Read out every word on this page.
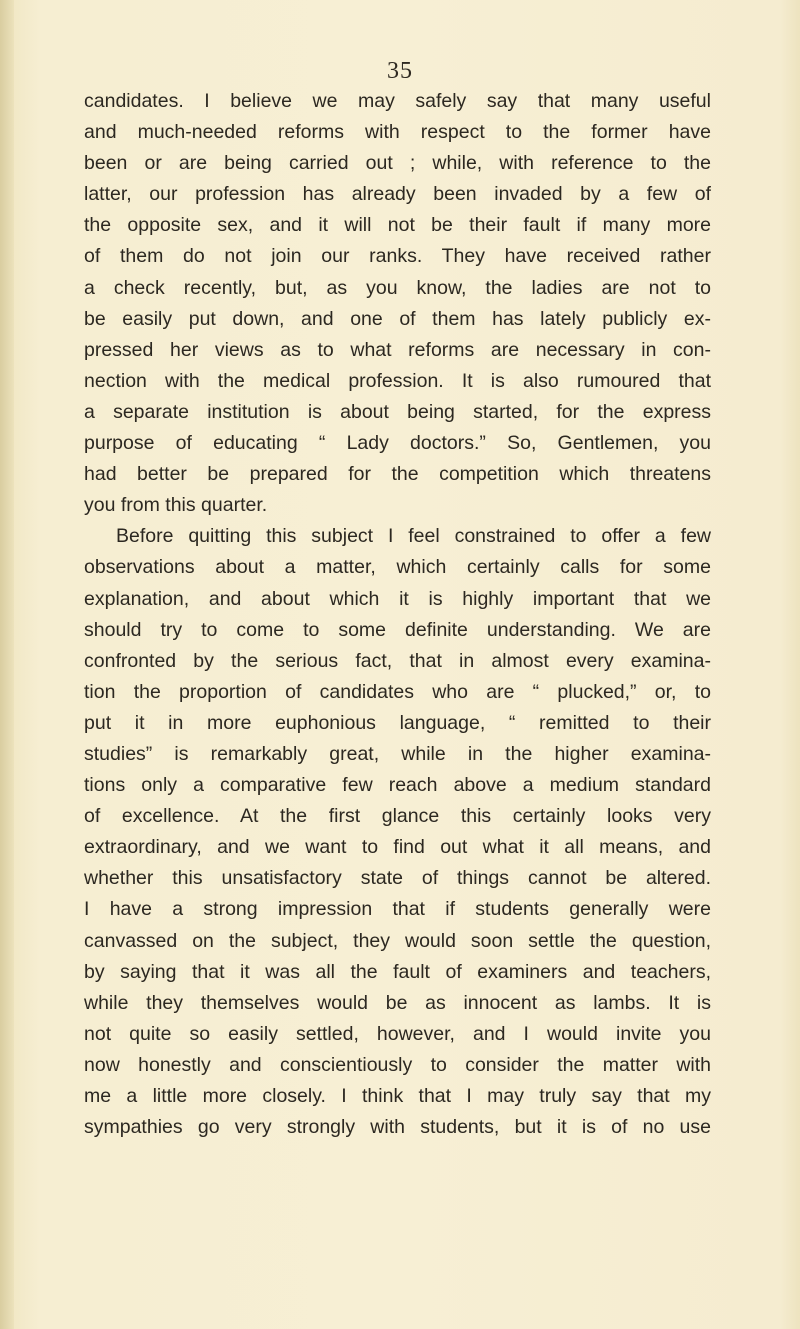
35
candidates. I believe we may safely say that many useful
and much-needed reforms with respect to the former have
been or are being carried out ; while, with reference to the
latter, our profession has already been invaded by a few of
the opposite sex, and it will not be their fault if many more
of them do not join our ranks. They have received rather
a check recently, but, as you know, the ladies are not to
be easily put down, and one of them has lately publicly ex-
pressed her views as to what reforms are necessary in con-
nection with the medical profession. It is also rumoured that
a separate institution is about being started, for the express
purpose of educating “ Lady doctors.” So, Gentlemen, you
had better be prepared for the competition which threatens
you from this quarter.
Before quitting this subject I feel constrained to offer a few
observations about a matter, which certainly calls for some
explanation, and about which it is highly important that we
should try to come to some definite understanding. We are
confronted by the serious fact, that in almost every examina-
tion the proportion of candidates who are “ plucked,” or, to
put it in more euphonious language, “ remitted to their
studies” is remarkably great, while in the higher examina-
tions only a comparative few reach above a medium standard
of excellence. At the first glance this certainly looks very
extraordinary, and we want to find out what it all means, and
whether this unsatisfactory state of things cannot be altered.
I have a strong impression that if students generally were
canvassed on the subject, they would soon settle the question,
by saying that it was all the fault of examiners and teachers,
while they themselves would be as innocent as lambs. It is
not quite so easily settled, however, and I would invite you
now honestly and conscientiously to consider the matter with
me a little more closely. I think that I may truly say that my
sympathies go very strongly with students, but it is of no use
